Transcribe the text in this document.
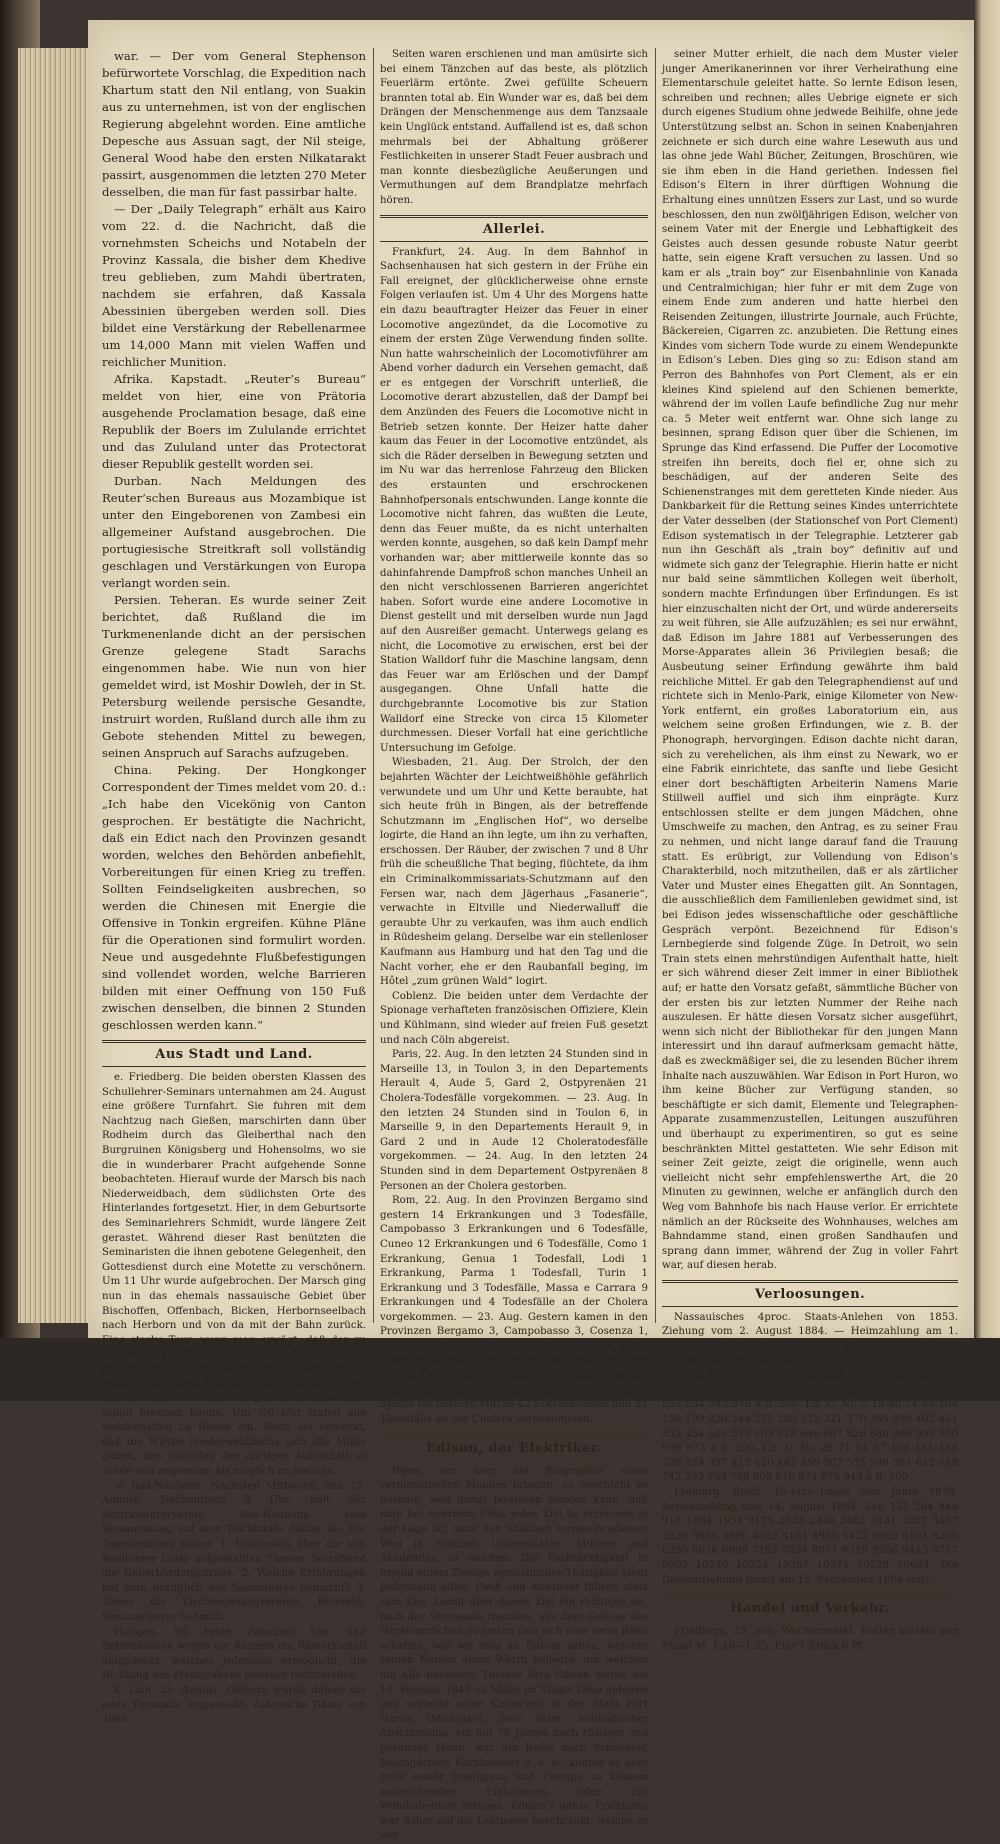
war. — Der vom General Stephenson befürwortete Vorschlag, die Expedition nach Khartum statt den Nil entlang, von Suakin aus zu unternehmen, ist von der englischen Regierung abgelehnt worden. Eine amtliche Depesche aus Assuan sagt, der Nil steige, General Wood habe den ersten Nilkatarakt passirt, ausgenommen die letzten 270 Meter desselben, die man für fast passirbar halte.

— Der „Daily Telegraph“ erhält aus Kairo vom 22. d. die Nachricht, daß die vornehmsten Scheichs und Notabeln der Provinz Kassala, die bisher dem Khedive treu geblieben, zum Mahdi übertraten, nachdem sie erfahren, daß Kassala Abessinien übergeben werden soll. Dies bildet eine Verstärkung der Rebellenarmee um 14,000 Mann mit vielen Waffen und reichlicher Munition.

Afrika. Kapstadt. „Reuter’s Bureau“ meldet von hier, eine von Prätoria ausgehende Proclamation besage, daß eine Republik der Boers im Zululande errichtet und das Zululand unter das Protectorat dieser Republik gestellt worden sei.

Durban. Nach Meldungen des Reuter’schen Bureaus aus Mozambique ist unter den Eingeborenen von Zambesi ein allgemeiner Aufstand ausgebrochen. Die portugiesische Streitkraft soll vollständig geschlagen und Verstärkungen von Europa verlangt worden sein.

Persien. Teheran. Es wurde seiner Zeit berichtet, daß Rußland die im Turkmenenlande dicht an der persischen Grenze gelegene Stadt Sarachs eingenommen habe. Wie nun von hier gemeldet wird, ist Moshir Dowleh, der in St. Petersburg weilende persische Gesandte, instruirt worden, Rußland durch alle ihm zu Gebote stehenden Mittel zu bewegen, seinen Anspruch auf Sarachs aufzugeben.

China. Peking. Der Hongkonger Correspondent der Times meldet vom 20. d.: „Ich habe den Vicekönig von Canton gesprochen. Er bestätigte die Nachricht, daß ein Edict nach den Provinzen gesandt worden, welches den Behörden anbefiehlt, Vorbereitungen für einen Krieg zu treffen. Sollten Feindseligkeiten ausbrechen, so werden die Chinesen mit Energie die Offensive in Tonkin ergreifen. Kühne Pläne für die Operationen sind formulirt worden. Neue und ausgedehnte Flußbefestigungen sind vollendet worden, welche Barrieren bilden mit einer Oeffnung von 150 Fuß zwischen denselben, die binnen 2 Stunden geschlossen werden kann.“

Aus Stadt und Land.

e. Friedberg. Die beiden obersten Klassen des Schullehrer-Seminars unternahmen am 24. August eine größere Turnfahrt. Sie fuhren mit dem Nachtzug nach Gießen, marschirten dann über Rodheim durch das Gleiberthal nach den Burgruinen Königsberg und Hohensolms, wo sie die in wunderbarer Pracht aufgehende Sonne beobachteten. Hierauf wurde der Marsch bis nach Niederweidbach, dem südlichsten Orte des Hinterlandes fortgesetzt. Hier, in dem Geburtsorte des Seminarlehrers Schmidt, wurde längere Zeit gerastet. Während dieser Rast benützten die Seminaristen die ihnen gebotene Gelegenheit, den Gottesdienst durch eine Motette zu verschönern. Um 11 Uhr wurde aufgebrochen. Der Marsch ging nun in das ehemals nassauische Gebiet über Bischoffen, Offenbach, Bicken, Herbornseelbach nach Herborn und von da mit der Bahn zurück. Eine starke Tour, wenn man erwägt, daß der zu Fuß zurückgelegte Weg mindestens 9 Wegstunden beträgt und auf der letzten Strecke, das Aarthal entlang, die Sonne fast alle Mühe gab, zu zeigen, daß sie nicht nur schön aufgehen, sondern auch schön brennen könne. Um ½6 Uhr trafen alle wohlbehalten zu Hause ein. Noch sei bemerkt, daß die Wirthe Niederweidbachs sich alle Mühe gaben, den Touristen den dortigen Aufenthalt so schön und angenehm als möglich zu machen.

w. Bad-Nauheim. Nächsten Mittwoch, den 27. August, Nachmittags 3 Uhr, hält der Bezirkslehrerverein Bad-Nauheim eine Versammlung auf dem Teichhause dahier ab. Die Tagesordnung lautet: 1. Discussion über die von Reallehrer Luley aufgestellten Thesen, betreffend die Ueberbürdungsfrage. 2. Welche Erfahrungen hat man bezüglich des Sedanfestes gemacht? 3. Ueber die Kirchengesangvereine. Referent: Seminarlehrer Schmidt.

Hungen. Im Felde zwischen hier und Bettenhausen wurde vor Kurzem ein Römerkastell aufgedeckt, welches jedenfalls ermöglicht, die Richtung des Pfahlgrabens genauer festzustellen.

k. Lich, 25. August. Gestern wurde dahier die neue Turnhalle eingeweiht. Zahlreiche Gäste von allen

Seiten waren erschienen und man amüsirte sich bei einem Tänzchen auf das beste, als plötzlich Feuerlärm ertönte. Zwei gefüllte Scheuern brannten total ab. Ein Wunder war es, daß bei dem Drängen der Menschenmenge aus dem Tanzsaale kein Unglück entstand. Auffallend ist es, daß schon mehrmals bei der Abhaltung größerer Festlichkeiten in unserer Stadt Feuer ausbrach und man konnte diesbezügliche Aeußerungen und Vermuthungen auf dem Brandplatze mehrfach hören.

Allerlei.

Frankfurt, 24. Aug. In dem Bahnhof in Sachsenhausen hat sich gestern in der Frühe ein Fall ereignet, der glücklicherweise ohne ernste Folgen verlaufen ist. Um 4 Uhr des Morgens hatte ein dazu beauftragter Heizer das Feuer in einer Locomotive angezündet, da die Locomotive zu einem der ersten Züge Verwendung finden sollte. Nun hatte wahrscheinlich der Locomotivführer am Abend vorher dadurch ein Versehen gemacht, daß er es entgegen der Vorschrift unterließ, die Locomotive derart abzustellen, daß der Dampf bei dem Anzünden des Feuers die Locomotive nicht in Betrieb setzen konnte. Der Heizer hatte daher kaum das Feuer in der Locomotive entzündet, als sich die Räder derselben in Bewegung setzten und im Nu war das herrenlose Fahrzeug den Blicken des erstaunten und erschrockenen Bahnhofpersonals entschwunden. Lange konnte die Locomotive nicht fahren, das wußten die Leute, denn das Feuer mußte, da es nicht unterhalten werden konnte, ausgehen, so daß kein Dampf mehr vorhanden war; aber mittlerweile konnte das so dahinfahrende Dampfroß schon manches Unheil an den nicht verschlossenen Barrieren angerichtet haben. Sofort wurde eine andere Locomotive in Dienst gestellt und mit derselben wurde nun Jagd auf den Ausreißer gemacht. Unterwegs gelang es nicht, die Locomotive zu erwischen, erst bei der Station Walldorf fuhr die Maschine langsam, denn das Feuer war am Erlöschen und der Dampf ausgegangen. Ohne Unfall hatte die durchgebrannte Locomotive bis zur Station Walldorf eine Strecke von circa 15 Kilometer durchmessen. Dieser Vorfall hat eine gerichtliche Untersuchung im Gefolge.

Wiesbaden, 21. Aug. Der Strolch, der den bejahrten Wächter der Leichtweißhöhle gefährlich verwundete und um Uhr und Kette beraubte, hat sich heute früh in Bingen, als der betreffende Schutzmann im „Englischen Hof“, wo derselbe logirte, die Hand an ihn legte, um ihn zu verhaften, erschossen. Der Räuber, der zwischen 7 und 8 Uhr früh die scheußliche That beging, flüchtete, da ihm ein Criminalkommissariats-Schutzmann auf den Fersen war, nach dem Jägerhaus „Fasanerie“, verwachte in Eltville und Niederwalluff die geraubte Uhr zu verkaufen, was ihm auch endlich in Rüdesheim gelang. Derselbe war ein stellenloser Kaufmann aus Hamburg und hat den Tag und die Nacht vorher, ehe er den Raubanfall beging, im Hôtel „zum grünen Wald“ logirt.

Coblenz. Die beiden unter dem Verdachte der Spionage verhafteten französischen Offiziere, Klein und Kühlmann, sind wieder auf freien Fuß gesetzt und nach Cöln abgereist.

Paris, 22. Aug. In den letzten 24 Stunden sind in Marseille 13, in Toulon 3, in den Departements Herault 4, Aude 5, Gard 2, Ostpyrenäen 21 Cholera-Todesfälle vorgekommen. — 23. Aug. In den letzten 24 Stunden sind in Toulon 6, in Marseille 9, in den Departements Herault 9, in Gard 2 und in Aude 12 Choleratodesfälle vorgekommen. — 24. Aug. In den letzten 24 Stunden sind in dem Departement Ostpyrenäen 8 Personen an der Cholera gestorben.

Rom, 22. Aug. In den Provinzen Bergamo sind gestern 14 Erkrankungen und 3 Todesfälle, Campobasso 3 Erkrankungen und 6 Todesfälle, Cuneo 12 Erkrankungen und 6 Todesfälle, Como 1 Erkrankung, Genua 1 Todesfall, Lodi 1 Erkrankung, Parma 1 Todesfall, Turin 1 Erkrankung und 3 Todesfälle, Massa e Carrara 9 Erkrankungen und 4 Todesfälle an der Cholera vorgekommen. — 23. Aug. Gestern kamen in den Provinzen Bergamo 3, Campobasso 3, Cosenza 1, Cuneo 15, Massacarrara 4, Portomaurizio 3, Turin 2 Choleratodesfälle, in der Provinz Genua und zwar in dem Orte Spezia 15 Cholera-Erkrankungen vor. — 24. Aug. Den Journalmeldungen zufolge sind in Spezia bis gestern Mittag 42 Erkrankungen und 31 Todesfälle an der Cholera vorgekommen.

Edison, der Elektriker.

Wenn wir hier die Biographie eines verdienstvollen Mannes bringen, so geschieht es deshalb, weil damit bewiesen werden kann, daß man bei eisernem Fleiß jedes Ziel zu erreichen in der Lage ist, ohne den üblichen vorgeschriebenen Weg in Schulen, Universitäten, Museen und Akademien zu machen. Die Fachtüchtigkeit in irgend einem Zweige menschlicher Thätigkeit steht Jedermann offen. Fleiß und Ausdauer führen stets zum Ziel. Damit aber dieses Ziel ein richtiges sei, muß der Strebende trachten, aus dem Geleise des Herkömmlichen zu treten und sich eine neue Bahn schaffen, wie wir dies an Edison sehen, welcher seinen Namen einen Werth beilegte, um welchen ihn Alle beneiden. Thomas Alva Edison wurde am 10. Februar 1847 zu Milan im Staate Ohio geboren und verlebte seine Kinderzeit in der Stadt Port Huron (Michigan). Sein Vater, holländischer Abstammung, ein mit 76 Jahren noch rüstiger und gesunder Mann, war der Reihe nach Schneider, Baumgärtner, Kornhändler u. s. w., konnte es aber trotz seiner Intelligenz und Energie zu keinem ausreichenden Einkommen oder zur Wohlhabenheit bringen. Edison’s ganze Erziehung war daher auf die Lektionen beschränkt, welche er von

seiner Mutter erhielt, die nach dem Muster vieler junger Amerikanerinnen vor ihrer Verheirathung eine Elementarschule geleitet hatte. So lernte Edison lesen, schreiben und rechnen; alles Uebrige eignete er sich durch eigenes Studium ohne jedwede Beihilfe, ohne jede Unterstützung selbst an. Schon in seinen Knabenjahren zeichnete er sich durch eine wahre Lesewuth aus und las ohne jede Wahl Bücher, Zeitungen, Broschüren, wie sie ihm eben in die Hand geriethen. Indessen fiel Edison’s Eltern in ihrer dürftigen Wohnung die Erhaltung eines unnützen Essers zur Last, und so wurde beschlossen, den nun zwölfjährigen Edison, welcher von seinem Vater mit der Energie und Lebhaftigkeit des Geistes auch dessen gesunde robuste Natur geerbt hatte, sein eigene Kraft versuchen zu lassen. Und so kam er als „train boy“ zur Eisenbahnlinie von Kanada und Centralmichigan; hier fuhr er mit dem Zuge von einem Ende zum anderen und hatte hierbei den Reisenden Zeitungen, illustrirte Journale, auch Früchte, Bäckereien, Cigarren zc. anzubieten. Die Rettung eines Kindes vom sichern Tode wurde zu einem Wendepunkte in Edison’s Leben. Dies ging so zu: Edison stand am Perron des Bahnhofes von Port Clement, als er ein kleines Kind spielend auf den Schienen bemerkte, während der im vollen Laufe befindliche Zug nur mehr ca. 5 Meter weit entfernt war. Ohne sich lange zu besinnen, sprang Edison quer über die Schienen, im Sprunge das Kind erfassend. Die Puffer der Locomotive streifen ihn bereits, doch fiel er, ohne sich zu beschädigen, auf der anderen Seite des Schienenstranges mit dem geretteten Kinde nieder. Aus Dankbarkeit für die Rettung seines Kindes unterrichtete der Vater desselben (der Stationschef von Port Clement) Edison systematisch in der Telegraphie. Letzterer gab nun ihn Geschäft als „train boy“ definitiv auf und widmete sich ganz der Telegraphie. Hierin hatte er nicht nur bald seine sämmtlichen Kollegen weit überholt, sondern machte Erfindungen über Erfindungen. Es ist hier einzuschalten nicht der Ort, und würde andererseits zu weit führen, sie Alle aufzuzählen; es sei nur erwähnt, daß Edison im Jahre 1881 auf Verbesserungen des Morse-Apparates allein 36 Privilegien besaß; die Ausbeutung seiner Erfindung gewährte ihm bald reichliche Mittel. Er gab den Telegraphendienst auf und richtete sich in Menlo-Park, einige Kilometer von New-York entfernt, ein großes Laboratorium ein, aus welchem seine großen Erfindungen, wie z. B. der Phonograph, hervorgingen. Edison dachte nicht daran, sich zu verehelichen, als ihm einst zu Newark, wo er eine Fabrik einrichtete, das sanfte und liebe Gesicht einer dort beschäftigten Arbeiterin Namens Marie Stillwell auffiel und sich ihm einprägte. Kurz entschlossen stellte er dem jungen Mädchen, ohne Umschweife zu machen, den Antrag, es zu seiner Frau zu nehmen, und nicht lange darauf fand die Trauung statt. Es erübrigt, zur Vollendung von Edison’s Charakterbild, noch mitzutheilen, daß er als zärtlicher Vater und Muster eines Ehegatten gilt. An Sonntagen, die ausschließlich dem Familienleben gewidmet sind, ist bei Edison jedes wissenschaftliche oder geschäftliche Gespräch verpönt. Bezeichnend für Edison’s Lernbegierde sind folgende Züge. In Detroit, wo sein Train stets einen mehrstündigen Aufenthalt hatte, hielt er sich während dieser Zeit immer in einer Bibliothek auf; er hatte den Vorsatz gefaßt, sämmtliche Bücher von der ersten bis zur letzten Nummer der Reihe nach auszulesen. Er hätte diesen Vorsatz sicher ausgeführt, wenn sich nicht der Bibliothekar für den jungen Mann interessirt und ihn darauf aufmerksam gemacht hätte, daß es zweckmäßiger sei, die zu lesenden Bücher ihrem Inhalte nach auszuwählen. War Edison in Port Huron, wo ihm keine Bücher zur Verfügung standen, so beschäftigte er sich damit, Elemente und Telegraphen-Apparate zusammenzustellen, Leitungen auszuführen und überhaupt zu experimentiren, so gut es seine beschränkten Mittel gestatteten. Wie sehr Edison mit seiner Zeit geizte, zeigt die originelle, wenn auch vielleicht nicht sehr empfehlenswerthe Art, die 20 Minuten zu gewinnen, welche er anfänglich durch den Weg vom Bahnhofe bis nach Hause verlor. Er errichtete nämlich an der Rückseite des Wohnhauses, welches am Bahndamme stand, einen großen Sandhaufen und sprang dann immer, während der Zug in voller Fahrt war, auf diesen herab.

Verloosungen.

Nassauisches 4proc. Staats-Anlehen von 1853. Ziehung vom 2. August 1884. — Heimzahlung am 1. Dezember 1884. Lit. A. Nr. 22 51 104 177 178 182 203 214 220 224 276 327 328 à fl. 1000. Lit. B. Nr. 15 91 101 132 149 242 245 261 280 286 316 317 367 398 414 427 488 539 550 562 565 585 587 597 673 779 801 824 855 934 943 976 à fl. 500. Lit. C. Nr. 5 19 40 74 88 104 158 199 220 244 275 285 315 321 370 395 398 402 431 532 454 509 579 603 628 646 687 826 880 908 909 930 958 972 à fl. 200. Lit. D. Nr. 26 71 91 97 108 181 188 228 324 357 412 420 442 459 507 575 590 591 612 648 742 753 763 790 809 810 874 876 943 à fl. 100.

Freiburg, Stadt, 10-Frcs.-Loose vom Jahre 1879. Serienziehung vom 14. August 1884. Ser. 155 264 844 918 1864 1931 2175 2383 2440 2482 3131 3287 3437 3539 3666 3990 4082 4161 4965 5422 6062 6101 6205 6295 6636 6898 7182 7554 8071 8319 9266 9443 9717 9903 10240 10324 10357 10374 10528 10684. Die Gewinnziehung findet am 15. September 1884 statt.

Handel und Verkehr.

Friedberg, 23. Aug. Wochenmarkt. Butter kostete per Pfund M. 1.10—1.25, Eier 1 Stück 6 Pf.
